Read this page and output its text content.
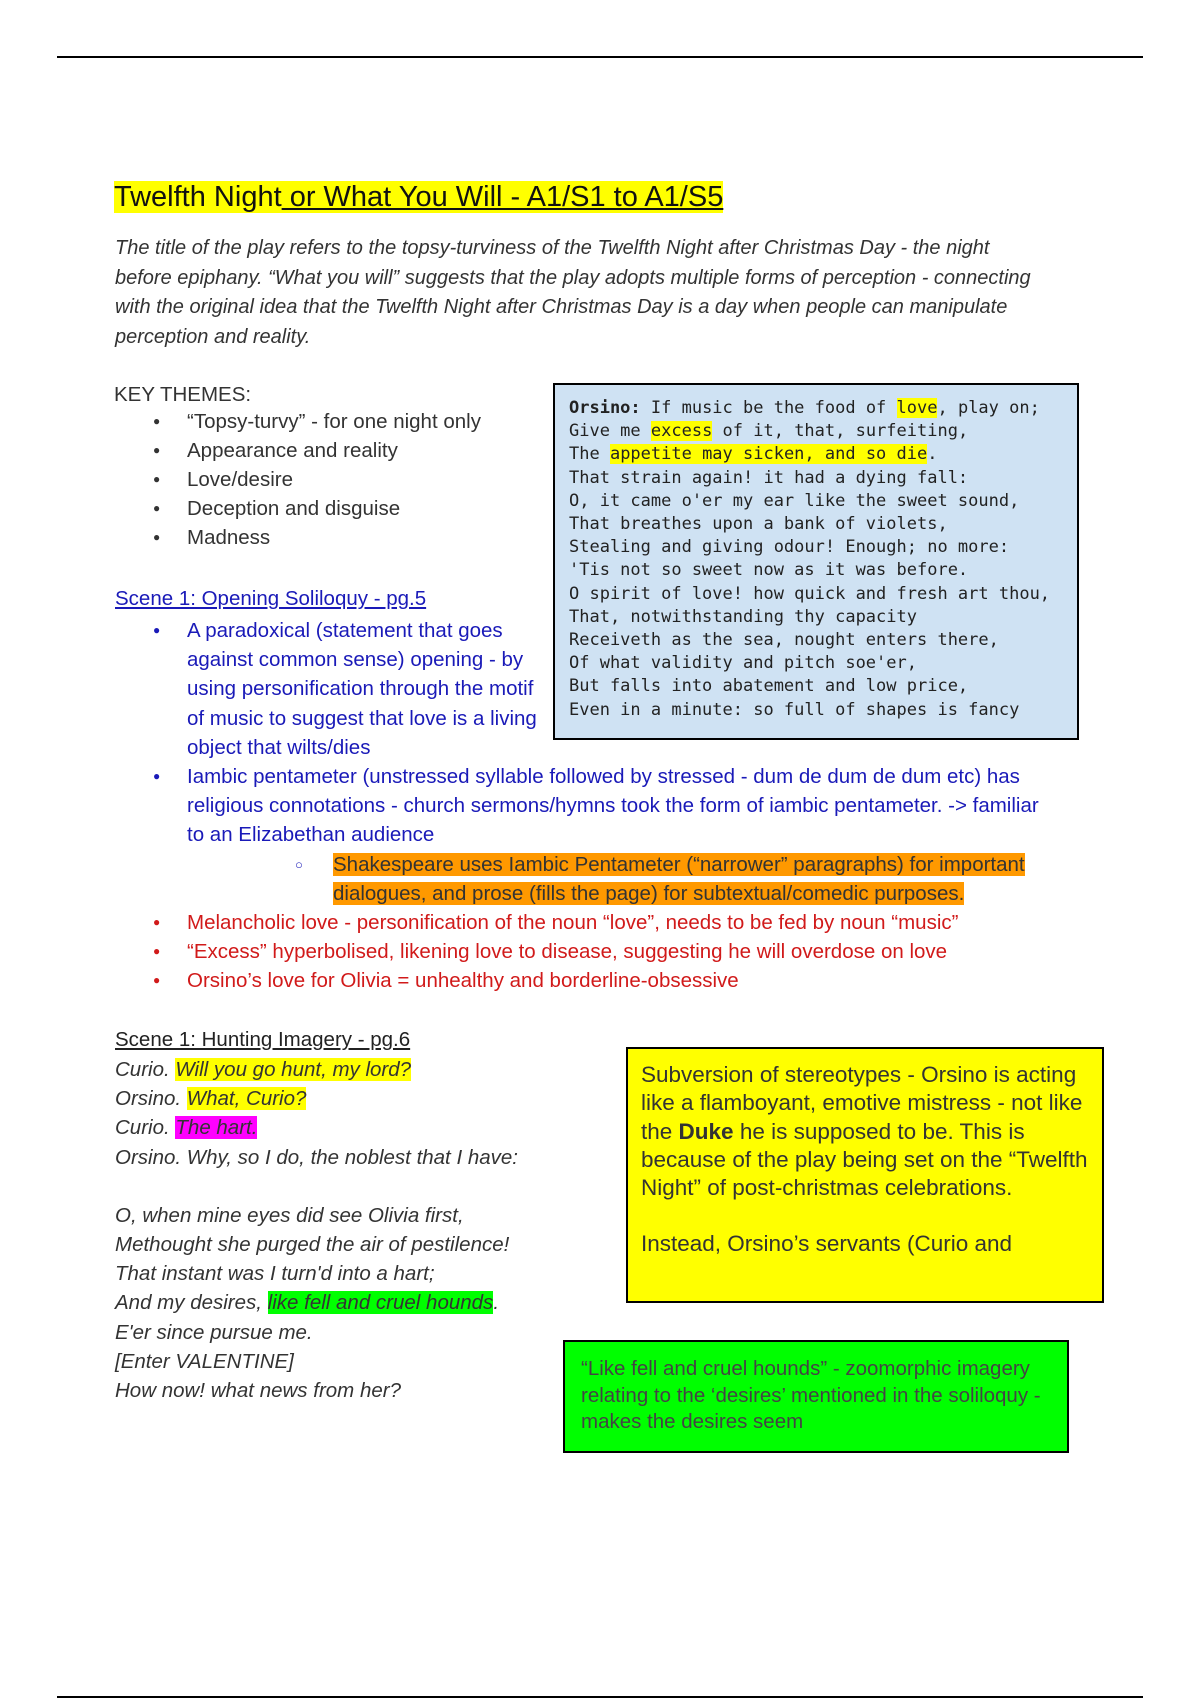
Twelfth Night or What You Will - A1/S1 to A1/S5
The title of the play refers to the topsy-turviness of the Twelfth Night after Christmas Day - the night before epiphany. “What you will” suggests that the play adopts multiple forms of perception - connecting with the original idea that the Twelfth Night after Christmas Day is a day when people can manipulate perception and reality.
KEY THEMES:
● “Topsy-turvy” - for one night only
● Appearance and reality
● Love/desire
● Deception and disguise
● Madness
Orsino: If music be the food of love, play on;
Give me excess of it, that, surfeiting,
The appetite may sicken, and so die.
That strain again! it had a dying fall:
O, it came o'er my ear like the sweet sound,
That breathes upon a bank of violets,
Stealing and giving odour! Enough; no more:
'Tis not so sweet now as it was before.
O spirit of love! how quick and fresh art thou,
That, notwithstanding thy capacity
Receiveth as the sea, nought enters there,
Of what validity and pitch soe'er,
But falls into abatement and low price,
Even in a minute: so full of shapes is fancy
Scene 1: Opening Soliloquy - pg.5
● A paradoxical (statement that goes against common sense) opening - by using personification through the motif of music to suggest that love is a living object that wilts/dies
● Iambic pentameter (unstressed syllable followed by stressed - dum de dum de dum etc) has religious connotations - church sermons/hymns took the form of iambic pentameter. -> familiar to an Elizabethan audience
○ Shakespeare uses Iambic Pentameter (“narrower” paragraphs) for important dialogues, and prose (fills the page) for subtextual/comedic purposes.
● Melancholic love - personification of the noun “love”, needs to be fed by noun “music”
● “Excess” hyperbolised, likening love to disease, suggesting he will overdose on love
● Orsino’s love for Olivia = unhealthy and borderline-obsessive
Scene 1: Hunting Imagery - pg.6
Curio. Will you go hunt, my lord?
Orsino. What, Curio?
Curio. The hart.
Orsino. Why, so I do, the noblest that I have:
O, when mine eyes did see Olivia first,
Methought she purged the air of pestilence!
That instant was I turn'd into a hart;
And my desires, like fell and cruel hounds.
E'er since pursue me.
[Enter VALENTINE]
How now! what news from her?
Subversion of stereotypes - Orsino is acting like a flamboyant, emotive mistress - not like the Duke he is supposed to be. This is because of the play being set on the “Twelfth Night” of post-christmas celebrations.
Instead, Orsino’s servants (Curio and
“Like fell and cruel hounds” - zoomorphic imagery relating to the ‘desires’ mentioned in the soliloquy - makes the desires seem
